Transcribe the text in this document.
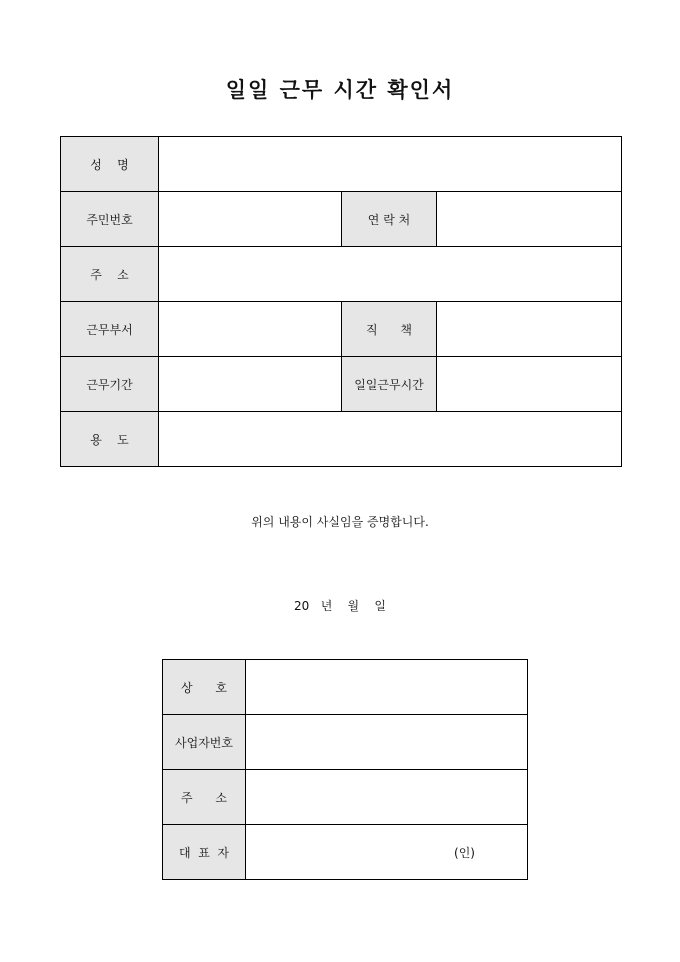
일일 근무 시간 확인서
성    명			
주민번호		연 락 처	
주    소			
근무부서		직      책	
근무기간		일일근무시간	
용    도			
위의 내용이 사실임을 증명합니다.
20   년    월    일
상      호	
사업자번호	
주      소	
대  표  자	(인)
